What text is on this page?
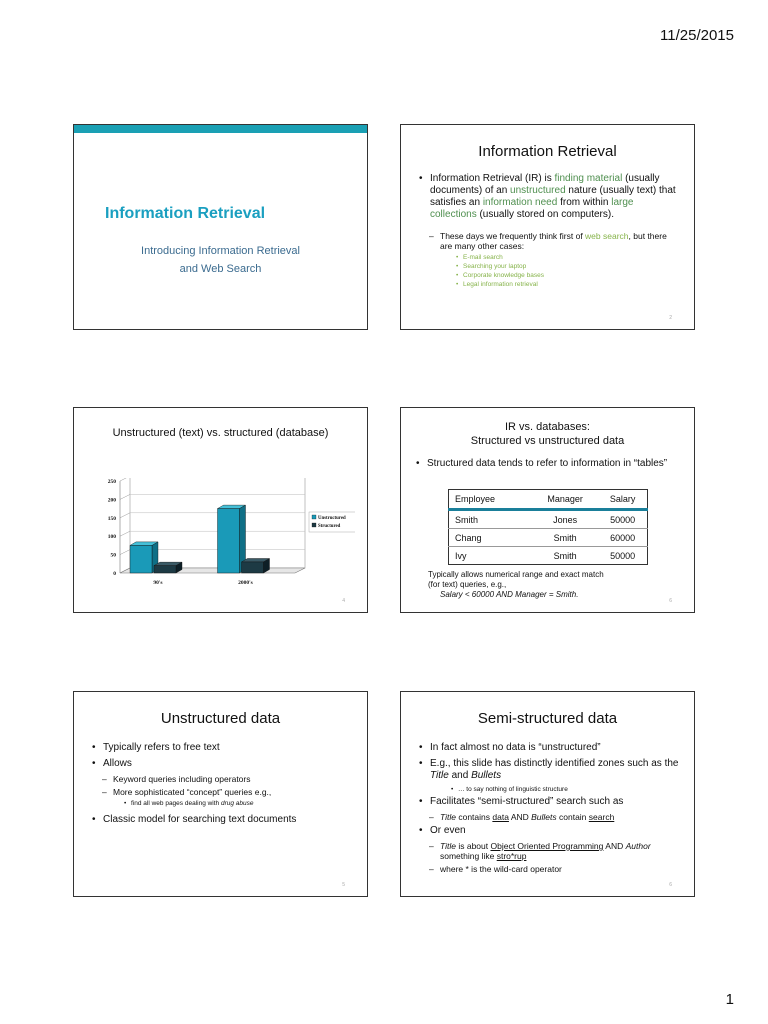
11/25/2015
Information Retrieval
Introducing Information Retrieval
and Web Search
Information Retrieval
• Information Retrieval (IR) is finding material (usually documents) of an unstructured nature (usually text) that satisfies an information need from within large collections (usually stored on computers).
– These days we frequently think first of web search, but there are many other cases:
• E-mail search
• Searching your laptop
• Corporate knowledge bases
• Legal information retrieval
2
Unstructured (text) vs. structured (database)
0
50
100
150
200
250
90's	2000's
Unstructured
Structured
4
IR vs. databases:
Structured vs unstructured data
• Structured data tends to refer to information in “tables”
Employee	Manager	Salary
Smith	Jones	50000
Chang	Smith	60000
Ivy	Smith	50000
Typically allows numerical range and exact match
(for text) queries, e.g.,
Salary < 60000 AND Manager = Smith.
6
Unstructured data
• Typically refers to free text
• Allows
– Keyword queries including operators
– More sophisticated “concept” queries e.g.,
• find all web pages dealing with drug abuse
• Classic model for searching text documents
5
Semi-structured data
• In fact almost no data is “unstructured”
• E.g., this slide has distinctly identified zones such as the Title and Bullets
• … to say nothing of linguistic structure
• Facilitates “semi-structured” search such as
– Title contains data AND Bullets contain search
• Or even
– Title is about Object Oriented Programming AND Author something like stro*rup
– where * is the wild-card operator
6
1
